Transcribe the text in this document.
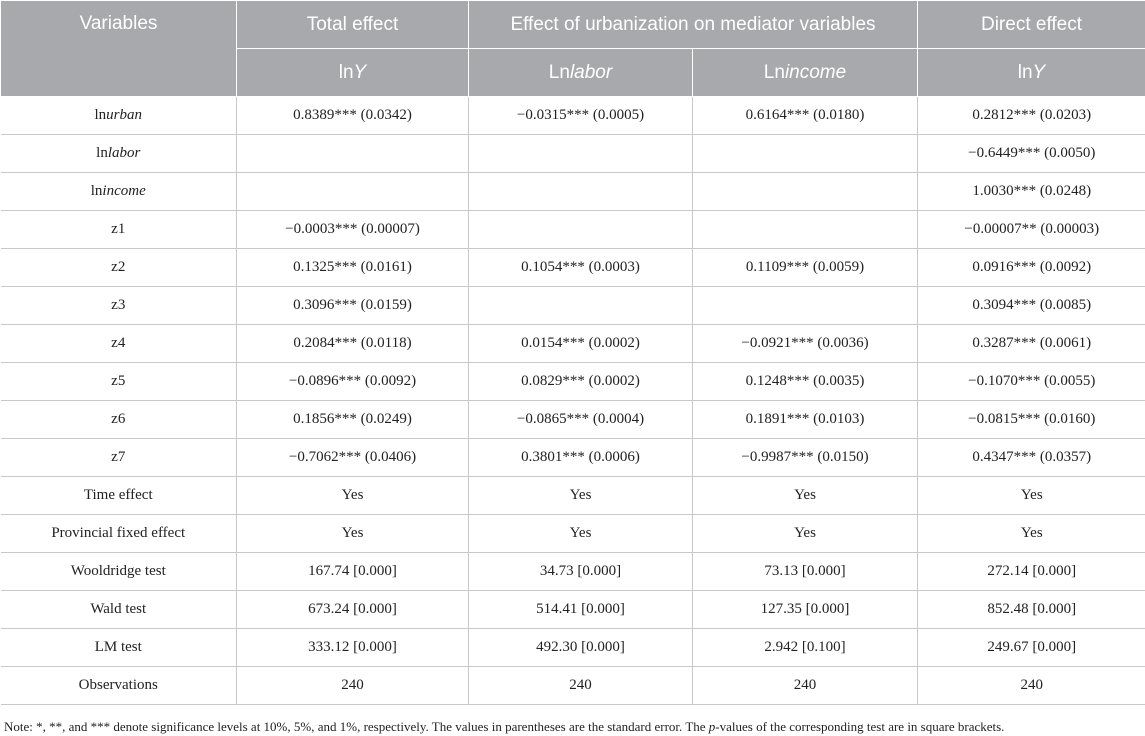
Variables	Total effect	Effect of urbanization on mediator variables		Direct effect
	lnY	Lnlabor	Lnincome	lnY
lnurban	0.8389*** (0.0342)	−0.0315*** (0.0005)	0.6164*** (0.0180)	0.2812*** (0.0203)
lnlabor				−0.6449*** (0.0050)
lnincome				1.0030*** (0.0248)
z1	−0.0003*** (0.00007)			−0.00007** (0.00003)
z2	0.1325*** (0.0161)	0.1054*** (0.0003)	0.1109*** (0.0059)	0.0916*** (0.0092)
z3	0.3096*** (0.0159)			0.3094*** (0.0085)
z4	0.2084*** (0.0118)	0.0154*** (0.0002)	−0.0921*** (0.0036)	0.3287*** (0.0061)
z5	−0.0896*** (0.0092)	0.0829*** (0.0002)	0.1248*** (0.0035)	−0.1070*** (0.0055)
z6	0.1856*** (0.0249)	−0.0865*** (0.0004)	0.1891*** (0.0103)	−0.0815*** (0.0160)
z7	−0.7062*** (0.0406)	0.3801*** (0.0006)	−0.9987*** (0.0150)	0.4347*** (0.0357)
Time effect	Yes	Yes	Yes	Yes
Provincial fixed effect	Yes	Yes	Yes	Yes
Wooldridge test	167.74 [0.000]	34.73 [0.000]	73.13 [0.000]	272.14 [0.000]
Wald test	673.24 [0.000]	514.41 [0.000]	127.35 [0.000]	852.48 [0.000]
LM test	333.12 [0.000]	492.30 [0.000]	2.942 [0.100]	249.67 [0.000]
Observations	240	240	240	240
Note: *, **, and *** denote significance levels at 10%, 5%, and 1%, respectively. The values in parentheses are the standard error. The p-values of the corresponding test are in square brackets.
